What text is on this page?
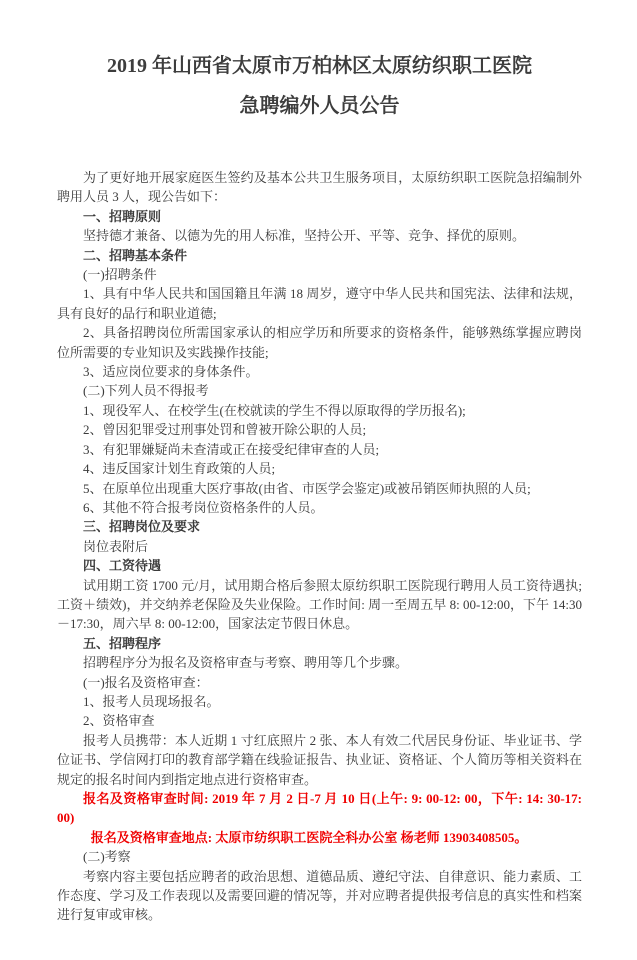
2019 年山西省太原市万柏林区太原纺织职工医院
急聘编外人员公告

为了更好地开展家庭医生签约及基本公共卫生服务项目，太原纺织职工医院急招编制外聘用人员 3 人，现公告如下：

一、招聘原则

坚持德才兼备、以德为先的用人标准，坚持公开、平等、竞争、择优的原则。

二、招聘基本条件

(一)招聘条件

1、具有中华人民共和国国籍且年满 18 周岁，遵守中华人民共和国宪法、法律和法规，具有良好的品行和职业道德;

2、具备招聘岗位所需国家承认的相应学历和所要求的资格条件，能够熟练掌握应聘岗位所需要的专业知识及实践操作技能;

3、适应岗位要求的身体条件。

(二)下列人员不得报考

1、现役军人、在校学生(在校就读的学生不得以原取得的学历报名);

2、曾因犯罪受过刑事处罚和曾被开除公职的人员;

3、有犯罪嫌疑尚未查清或正在接受纪律审查的人员;

4、违反国家计划生育政策的人员;

5、在原单位出现重大医疗事故(由省、市医学会鉴定)或被吊销医师执照的人员;

6、其他不符合报考岗位资格条件的人员。

三、招聘岗位及要求

岗位表附后

四、工资待遇

试用期工资 1700 元/月，试用期合格后参照太原纺织职工医院现行聘用人员工资待遇执;工资＋绩效)，并交纳养老保险及失业保险。工作时间: 周一至周五早 8: 00-12:00，下午 14:30－17:30，周六早 8: 00-12:00，国家法定节假日休息。

五、招聘程序

招聘程序分为报名及资格审查与考察、聘用等几个步骤。

(一)报名及资格审查：

1、报考人员现场报名。

2、资格审查

报考人员携带：本人近期 1 寸红底照片 2 张、本人有效二代居民身份证、毕业证书、学位证书、学信网打印的教育部学籍在线验证报告、执业证、资格证、个人简历等相关资料在规定的报名时间内到指定地点进行资格审查。

报名及资格审查时间: 2019 年 7 月 2 日-7 月 10 日(上午: 9: 00-12: 00，下午: 14: 30-17: 00)

报名及资格审查地点: 太原市纺织职工医院全科办公室 杨老师 13903408505。

(二)考察

考察内容主要包括应聘者的政治思想、道德品质、遵纪守法、自律意识、能力素质、工作态度、学习及工作表现以及需要回避的情况等，并对应聘者提供报考信息的真实性和档案进行复审或审核。
